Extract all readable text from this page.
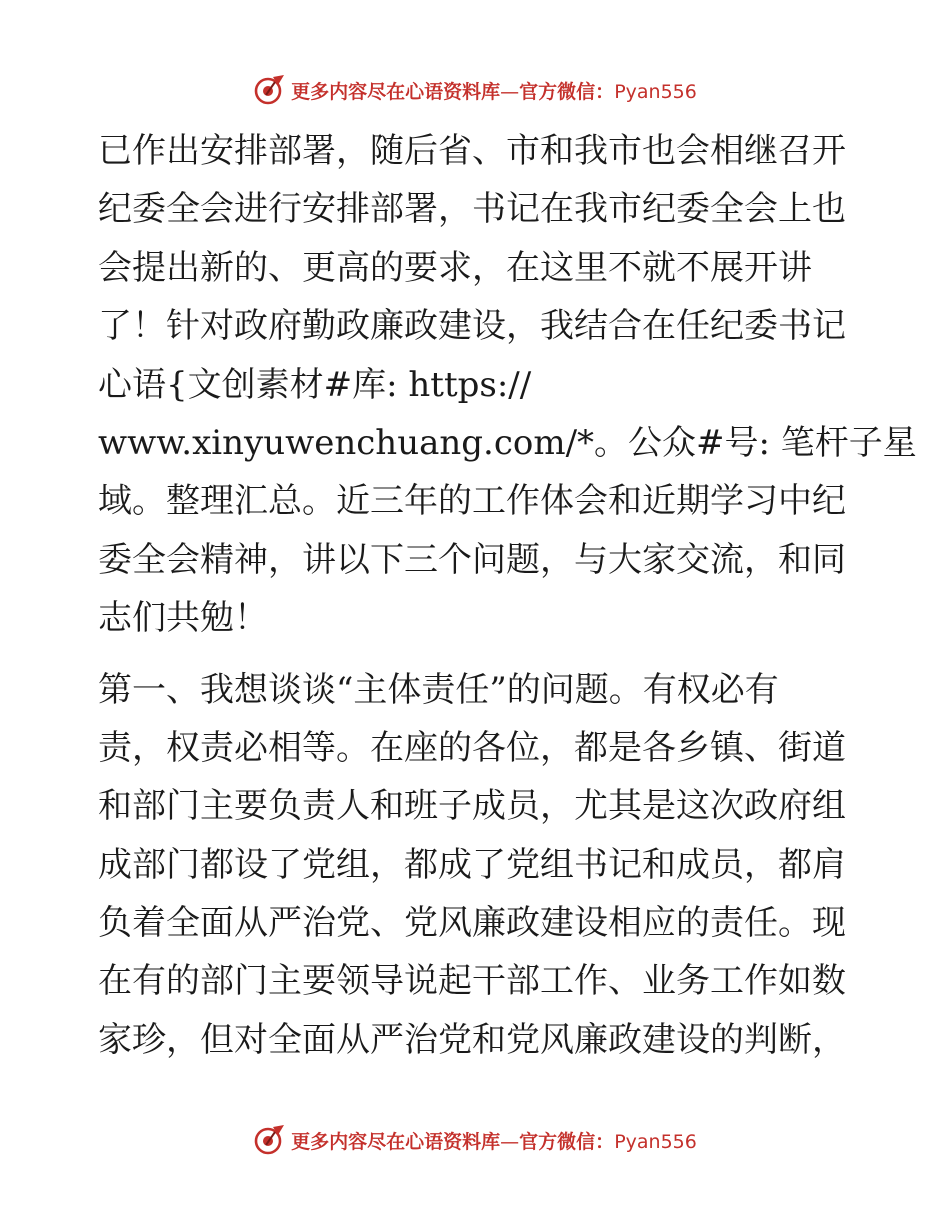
更多内容尽在心语资料库—官方微信：Pyan556

已作出安排部署，随后省、市和我市也会相继召开
纪委全会进行安排部署，书记在我市纪委全会上也
会提出新的、更高的要求，在这里不就不展开讲
了！针对政府勤政廉政建设，我结合在任纪委书记
心语{文创素材#库: https://
www.xinyuwenchuang.com/*。公众#号: 笔杆子星
域。整理汇总。近三年的工作体会和近期学习中纪
委全会精神，讲以下三个问题，与大家交流，和同
志们共勉！

第一、我想谈谈“主体责任”的问题。有权必有
责，权责必相等。在座的各位，都是各乡镇、街道
和部门主要负责人和班子成员，尤其是这次政府组
成部门都设了党组，都成了党组书记和成员，都肩
负着全面从严治党、党风廉政建设相应的责任。现
在有的部门主要领导说起干部工作、业务工作如数
家珍，但对全面从严治党和党风廉政建设的判断，

更多内容尽在心语资料库—官方微信：Pyan556
